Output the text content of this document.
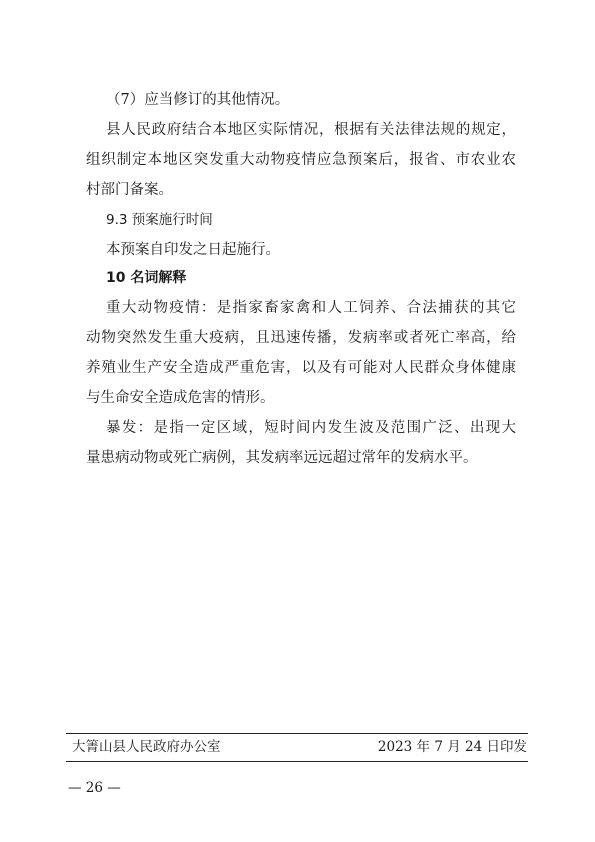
（7）应当修订的其他情况。
县人民政府结合本地区实际情况，根据有关法律法规的规定，
组织制定本地区突发重大动物疫情应急预案后，报省、市农业农
村部门备案。
9.3 预案施行时间
本预案自印发之日起施行。
10 名词解释
重大动物疫情：是指家畜家禽和人工饲养、合法捕获的其它
动物突然发生重大疫病，且迅速传播，发病率或者死亡率高，给
养殖业生产安全造成严重危害，以及有可能对人民群众身体健康
与生命安全造成危害的情形。
暴发：是指一定区域，短时间内发生波及范围广泛、出现大
量患病动物或死亡病例，其发病率远远超过常年的发病水平。
大箐山县人民政府办公室	2023 年 7 月 24 日印发
— 26 —
